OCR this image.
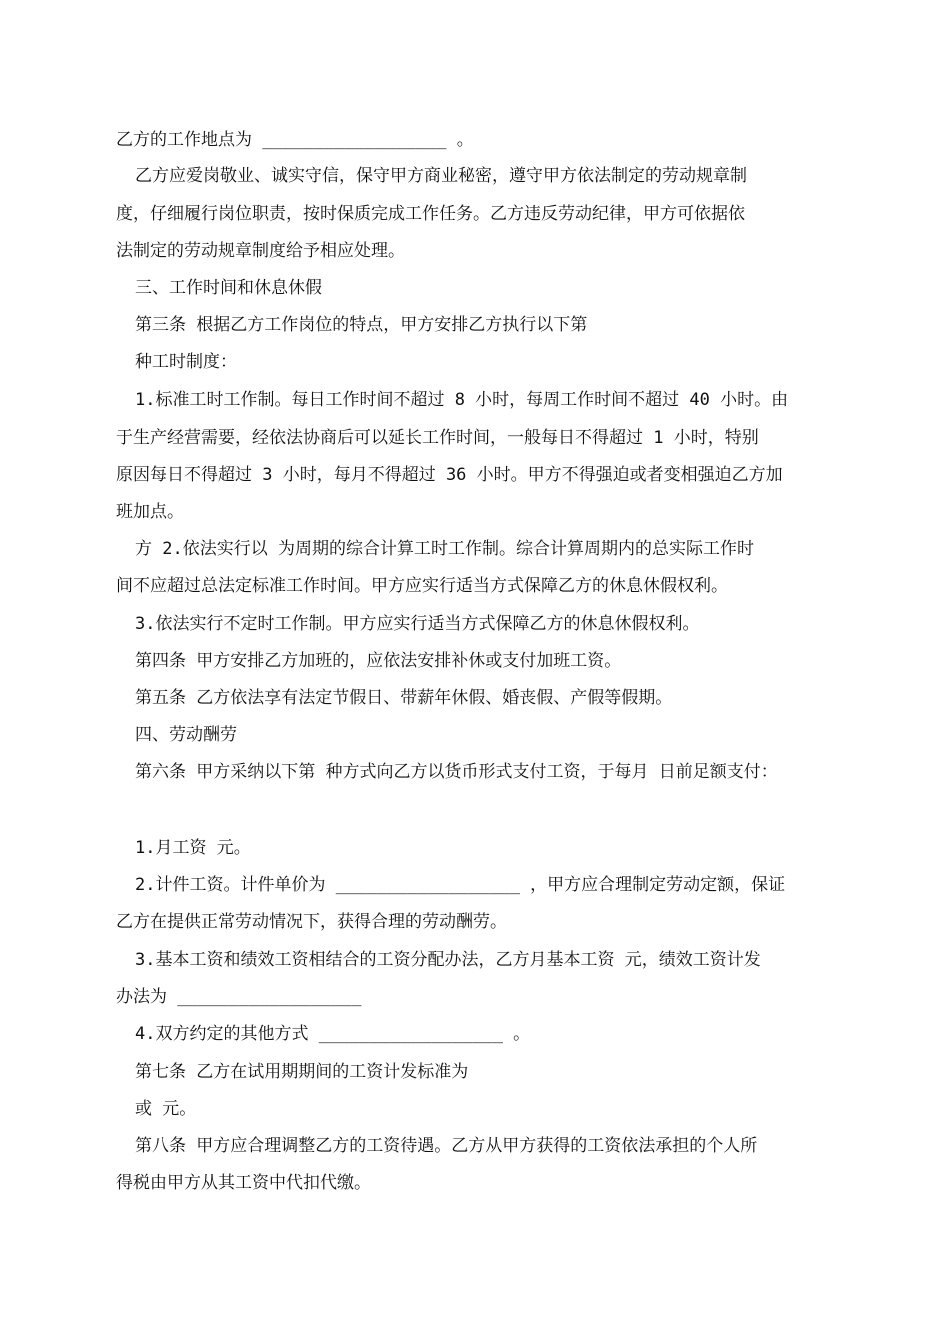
乙方的工作地点为 __________________ 。
乙方应爱岗敬业、诚实守信，保守甲方商业秘密，遵守甲方依法制定的劳动规章制
度，仔细履行岗位职责，按时保质完成工作任务。乙方违反劳动纪律，甲方可依据依
法制定的劳动规章制度给予相应处理。
三、工作时间和休息休假
第三条 根据乙方工作岗位的特点，甲方安排乙方执行以下第
种工时制度：
1.标准工时工作制。每日工作时间不超过 8 小时，每周工作时间不超过 40 小时。由
于生产经营需要，经依法协商后可以延长工作时间，一般每日不得超过 1 小时，特别
原因每日不得超过 3 小时，每月不得超过 36 小时。甲方不得强迫或者变相强迫乙方加
班加点。
方 2.依法实行以 为周期的综合计算工时工作制。综合计算周期内的总实际工作时
间不应超过总法定标准工作时间。甲方应实行适当方式保障乙方的休息休假权利。
3.依法实行不定时工作制。甲方应实行适当方式保障乙方的休息休假权利。
第四条 甲方安排乙方加班的，应依法安排补休或支付加班工资。
第五条 乙方依法享有法定节假日、带薪年休假、婚丧假、产假等假期。
四、劳动酬劳
第六条 甲方采纳以下第 种方式向乙方以货币形式支付工资，于每月 日前足额支付：
1.月工资 元。
2.计件工资。计件单价为 __________________ ，甲方应合理制定劳动定额，保证
乙方在提供正常劳动情况下，获得合理的劳动酬劳。
3.基本工资和绩效工资相结合的工资分配办法，乙方月基本工资 元，绩效工资计发
办法为 __________________
4.双方约定的其他方式 __________________ 。
第七条 乙方在试用期期间的工资计发标准为
或 元。
第八条 甲方应合理调整乙方的工资待遇。乙方从甲方获得的工资依法承担的个人所
得税由甲方从其工资中代扣代缴。
